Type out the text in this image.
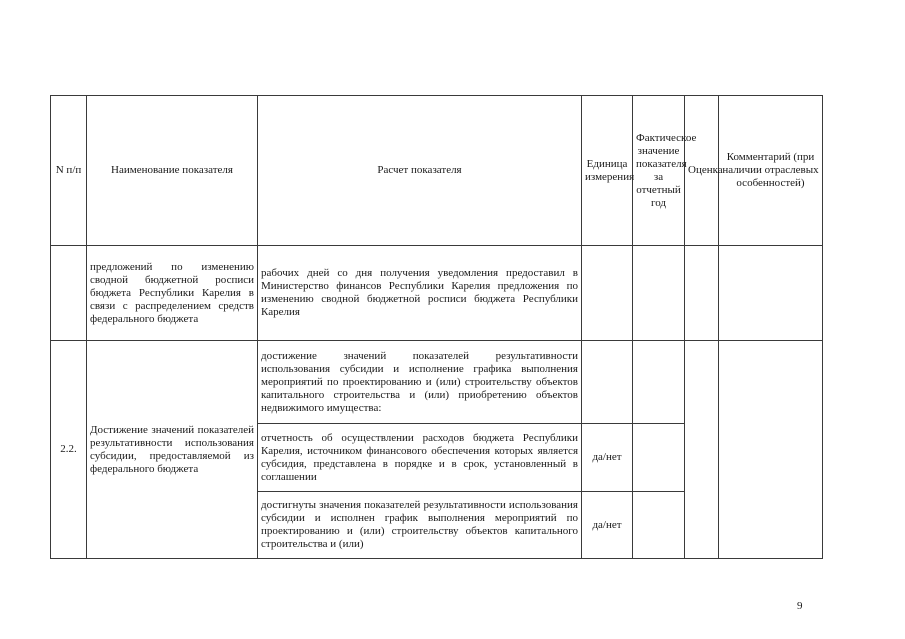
N п/п	Наименование показателя	Расчет показателя	Единица измерения	Фактическое значение показателя за отчетный год	Оценка	Комментарий (при наличии отраслевых особенностей)
	предложений по изменению сводной бюджетной росписи бюджета Республики Карелия в связи с распределением средств федерального бюджета	рабочих дней со дня получения уведомления предоставил в Министерство финансов Республики Карелия предложения по изменению сводной бюджетной росписи бюджета Республики Карелия				
2.2.	Достижение значений показателей результативности использования субсидии, предоставляемой из федерального бюджета	достижение значений показателей результативности использования субсидии и исполнение графика выполнения мероприятий по проектированию и (или) строительству объектов капитального строительства и (или) приобретению объектов недвижимого имущества:				
		отчетность об осуществлении расходов бюджета Республики Карелия, источником финансового обеспечения которых является субсидия, представлена в порядке и в срок, установленный в соглашении	да/нет			
		достигнуты значения показателей результативности использования субсидии и исполнен график выполнения мероприятий по проектированию и (или) строительству объектов капитального строительства и (или)	да/нет			
9
